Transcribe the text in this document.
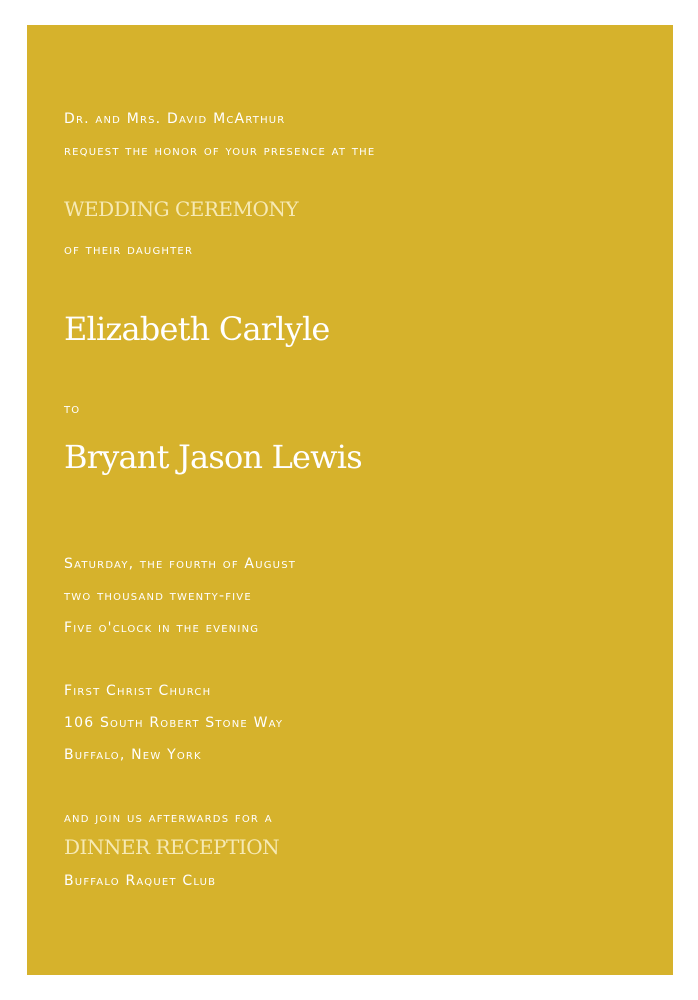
Dr. and Mrs. David McArthur
request the honor of your presence at the
WEDDING CEREMONY
of their daughter
Elizabeth Carlyle
to
Bryant Jason Lewis
Saturday, the fourth of August
two thousand twenty-five
Five o'clock in the evening
First Christ Church
106 South Robert Stone Way
Buffalo, New York
and join us afterwards for a
DINNER RECEPTION
Buffalo Raquet Club
